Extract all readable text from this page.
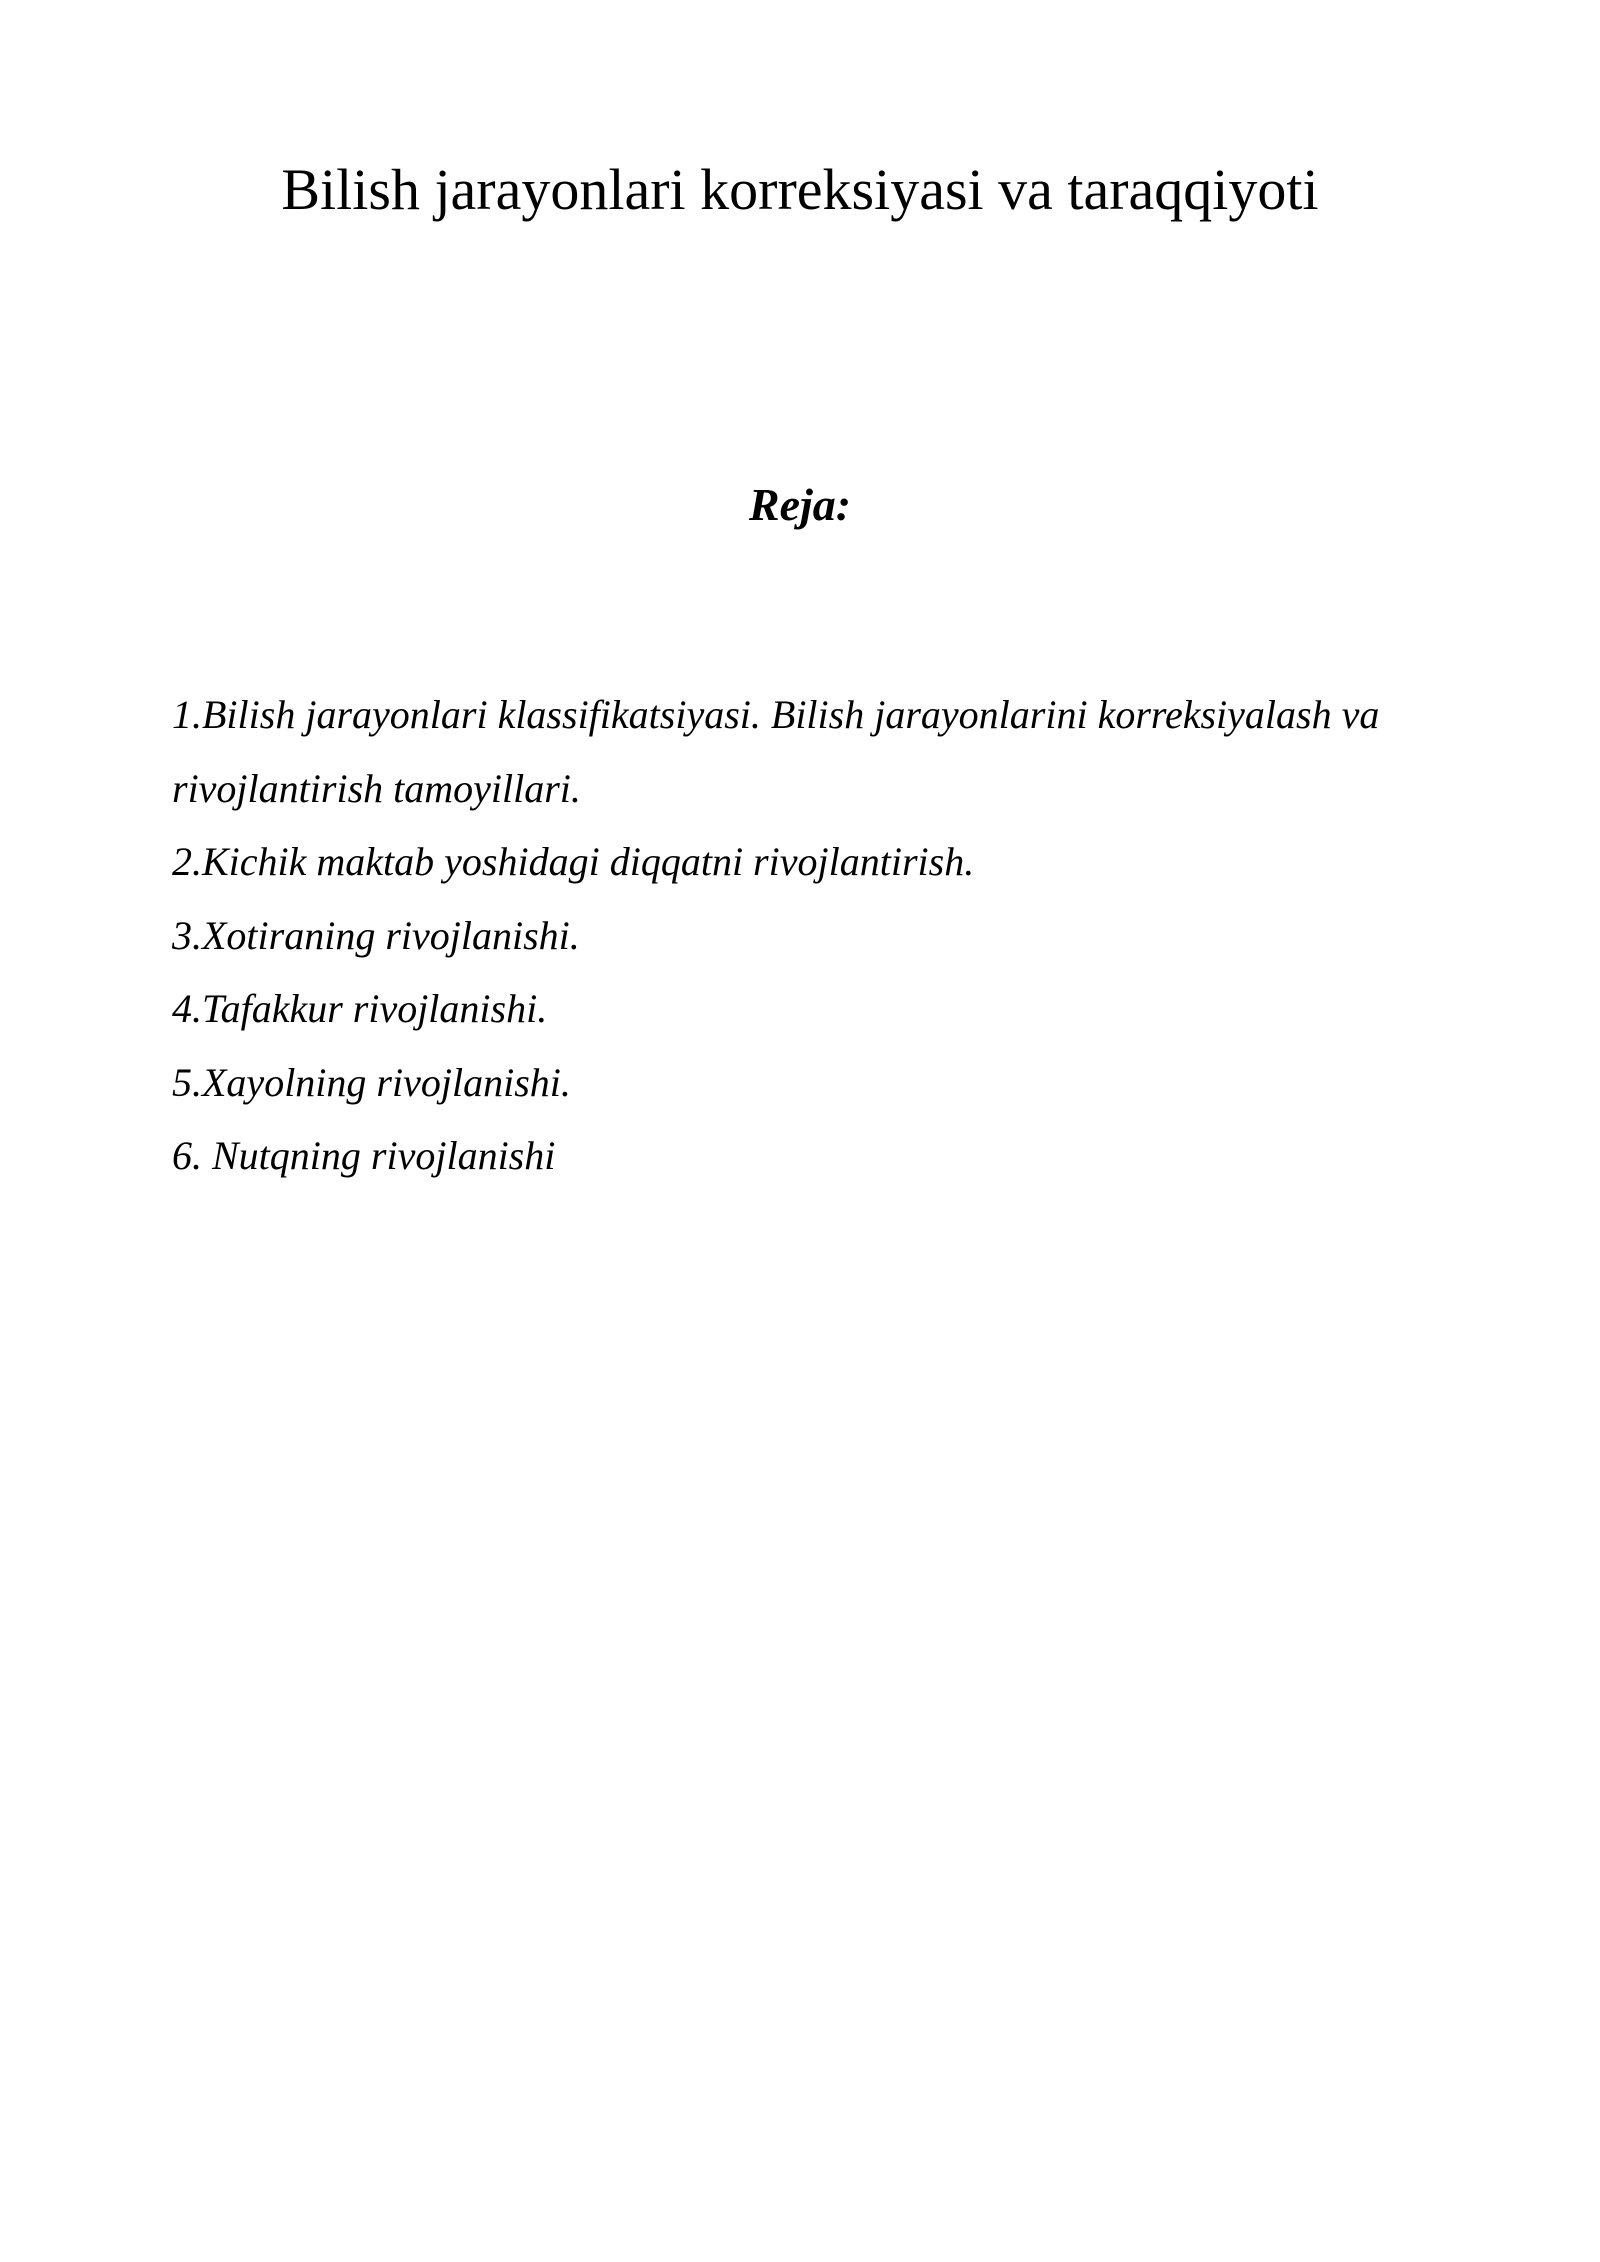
Bilish jarayonlari korreksiyasi va taraqqiyoti
Reja:
1.Bilish jarayonlari klassifikatsiyasi. Bilish jarayonlarini korreksiyalash va
rivojlantirish tamoyillari.
2.Kichik maktab yoshidagi diqqatni rivojlantirish.
3.Xotiraning rivojlanishi.
4.Tafakkur rivojlanishi.
5.Xayolning rivojlanishi.
6. Nutqning rivojlanishi
